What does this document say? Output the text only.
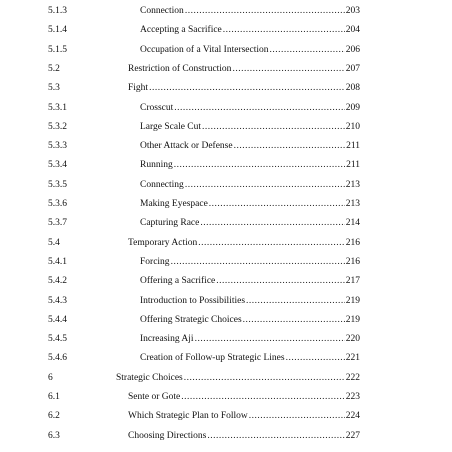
5.1.3	Connection .....	203
5.1.4	Accepting a Sacrifice .....	204
5.1.5	Occupation of a Vital Intersection .....	206
5.2	Restriction of Construction .....	207
5.3	Fight .....	208
5.3.1	Crosscut .....	209
5.3.2	Large Scale Cut .....	210
5.3.3	Other Attack or Defense .....	211
5.3.4	Running .....	211
5.3.5	Connecting .....	213
5.3.6	Making Eyespace .....	213
5.3.7	Capturing Race .....	214
5.4	Temporary Action .....	216
5.4.1	Forcing .....	216
5.4.2	Offering a Sacrifice .....	217
5.4.3	Introduction to Possibilities .....	219
5.4.4	Offering Strategic Choices .....	219
5.4.5	Increasing Aji .....	220
5.4.6	Creation of Follow-up Strategic Lines .....	221
6	Strategic Choices .....	222
6.1	Sente or Gote .....	223
6.2	Which Strategic Plan to Follow .....	224
6.3	Choosing Directions .....	227
